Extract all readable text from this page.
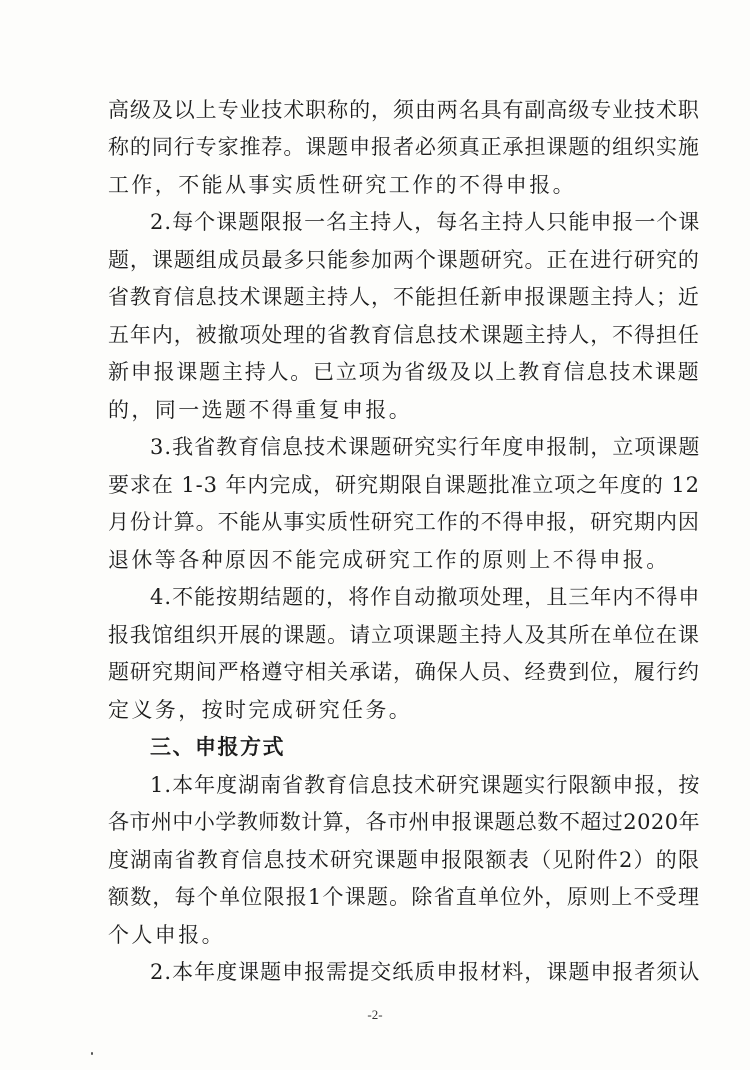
高级及以上专业技术职称的，须由两名具有副高级专业技术职
称的同行专家推荐。课题申报者必须真正承担课题的组织实施
工作，不能从事实质性研究工作的不得申报。
2.每个课题限报一名主持人，每名主持人只能申报一个课
题，课题组成员最多只能参加两个课题研究。正在进行研究的
省教育信息技术课题主持人，不能担任新申报课题主持人；近
五年内，被撤项处理的省教育信息技术课题主持人，不得担任
新申报课题主持人。已立项为省级及以上教育信息技术课题
的，同一选题不得重复申报。
3.我省教育信息技术课题研究实行年度申报制，立项课题
要求在 1-3 年内完成，研究期限自课题批准立项之年度的 12
月份计算。不能从事实质性研究工作的不得申报，研究期内因
退休等各种原因不能完成研究工作的原则上不得申报。
4.不能按期结题的，将作自动撤项处理，且三年内不得申
报我馆组织开展的课题。请立项课题主持人及其所在单位在课
题研究期间严格遵守相关承诺，确保人员、经费到位，履行约
定义务，按时完成研究任务。
三、申报方式
1.本年度湖南省教育信息技术研究课题实行限额申报，按
各市州中小学教师数计算，各市州申报课题总数不超过2020年
度湖南省教育信息技术研究课题申报限额表（见附件2）的限
额数，每个单位限报1个课题。除省直单位外，原则上不受理
个人申报。
2.本年度课题申报需提交纸质申报材料，课题申报者须认
-2-
